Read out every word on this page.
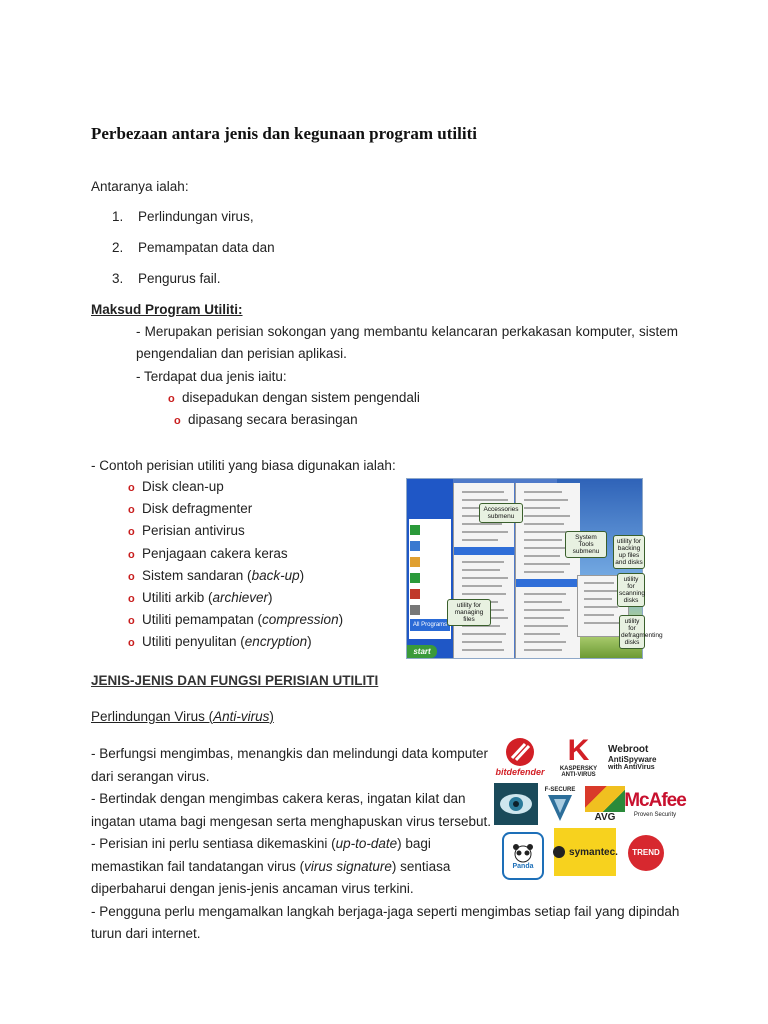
Perbezaan antara jenis dan kegunaan program utiliti
Antaranya ialah:
1. Perlindungan virus,
2. Pemampatan data dan
3. Pengurus fail.
Maksud Program Utiliti:
- Merupakan perisian sokongan yang membantu kelancaran perkakasan komputer, sistem
pengendalian dan perisian aplikasi.
- Terdapat dua jenis iaitu:
o disepadukan dengan sistem pengendali
o dipasang secara berasingan
- Contoh perisian utiliti yang biasa digunakan ialah:
o Disk clean-up
o Disk defragmenter
o Perisian antivirus
o Penjagaan cakera keras
o Sistem sandaran (back-up)
o Utiliti arkib (archiever)
o Utiliti pemampatan (compression)
o Utiliti penyulitan (encryption)
All Programs
start
Accessories submenu
System Tools submenu
utility for backing up files and disks
utility for scanning disks
utility for defragmenting disks
utility for managing files
JENIS-JENIS DAN FUNGSI PERISIAN UTILITI
Perlindungan Virus (Anti-virus)
- Berfungsi mengimbas, menangkis dan melindungi data komputer
dari serangan virus.
- Bertindak dengan mengimbas cakera keras, ingatan kilat dan
ingatan utama bagi mengesan serta menghapuskan virus tersebut.
- Perisian ini perlu sentiasa dikemaskini (up-to-date) bagi
memastikan fail tandatangan virus (virus signature) sentiasa
diperbaharui dengan jenis-jenis ancaman virus terkini.
- Pengguna perlu mengamalkan langkah berjaga-jaga seperti mengimbas setiap fail yang dipindah
turun dari internet.
bitdefender
K
KASPERSKY
ANTI-VIRUS
Webroot
AntiSpyware
with AntiVirus
F-SECURE
AVG
McAfee
Proven Security
Panda
symantec.	TREND
